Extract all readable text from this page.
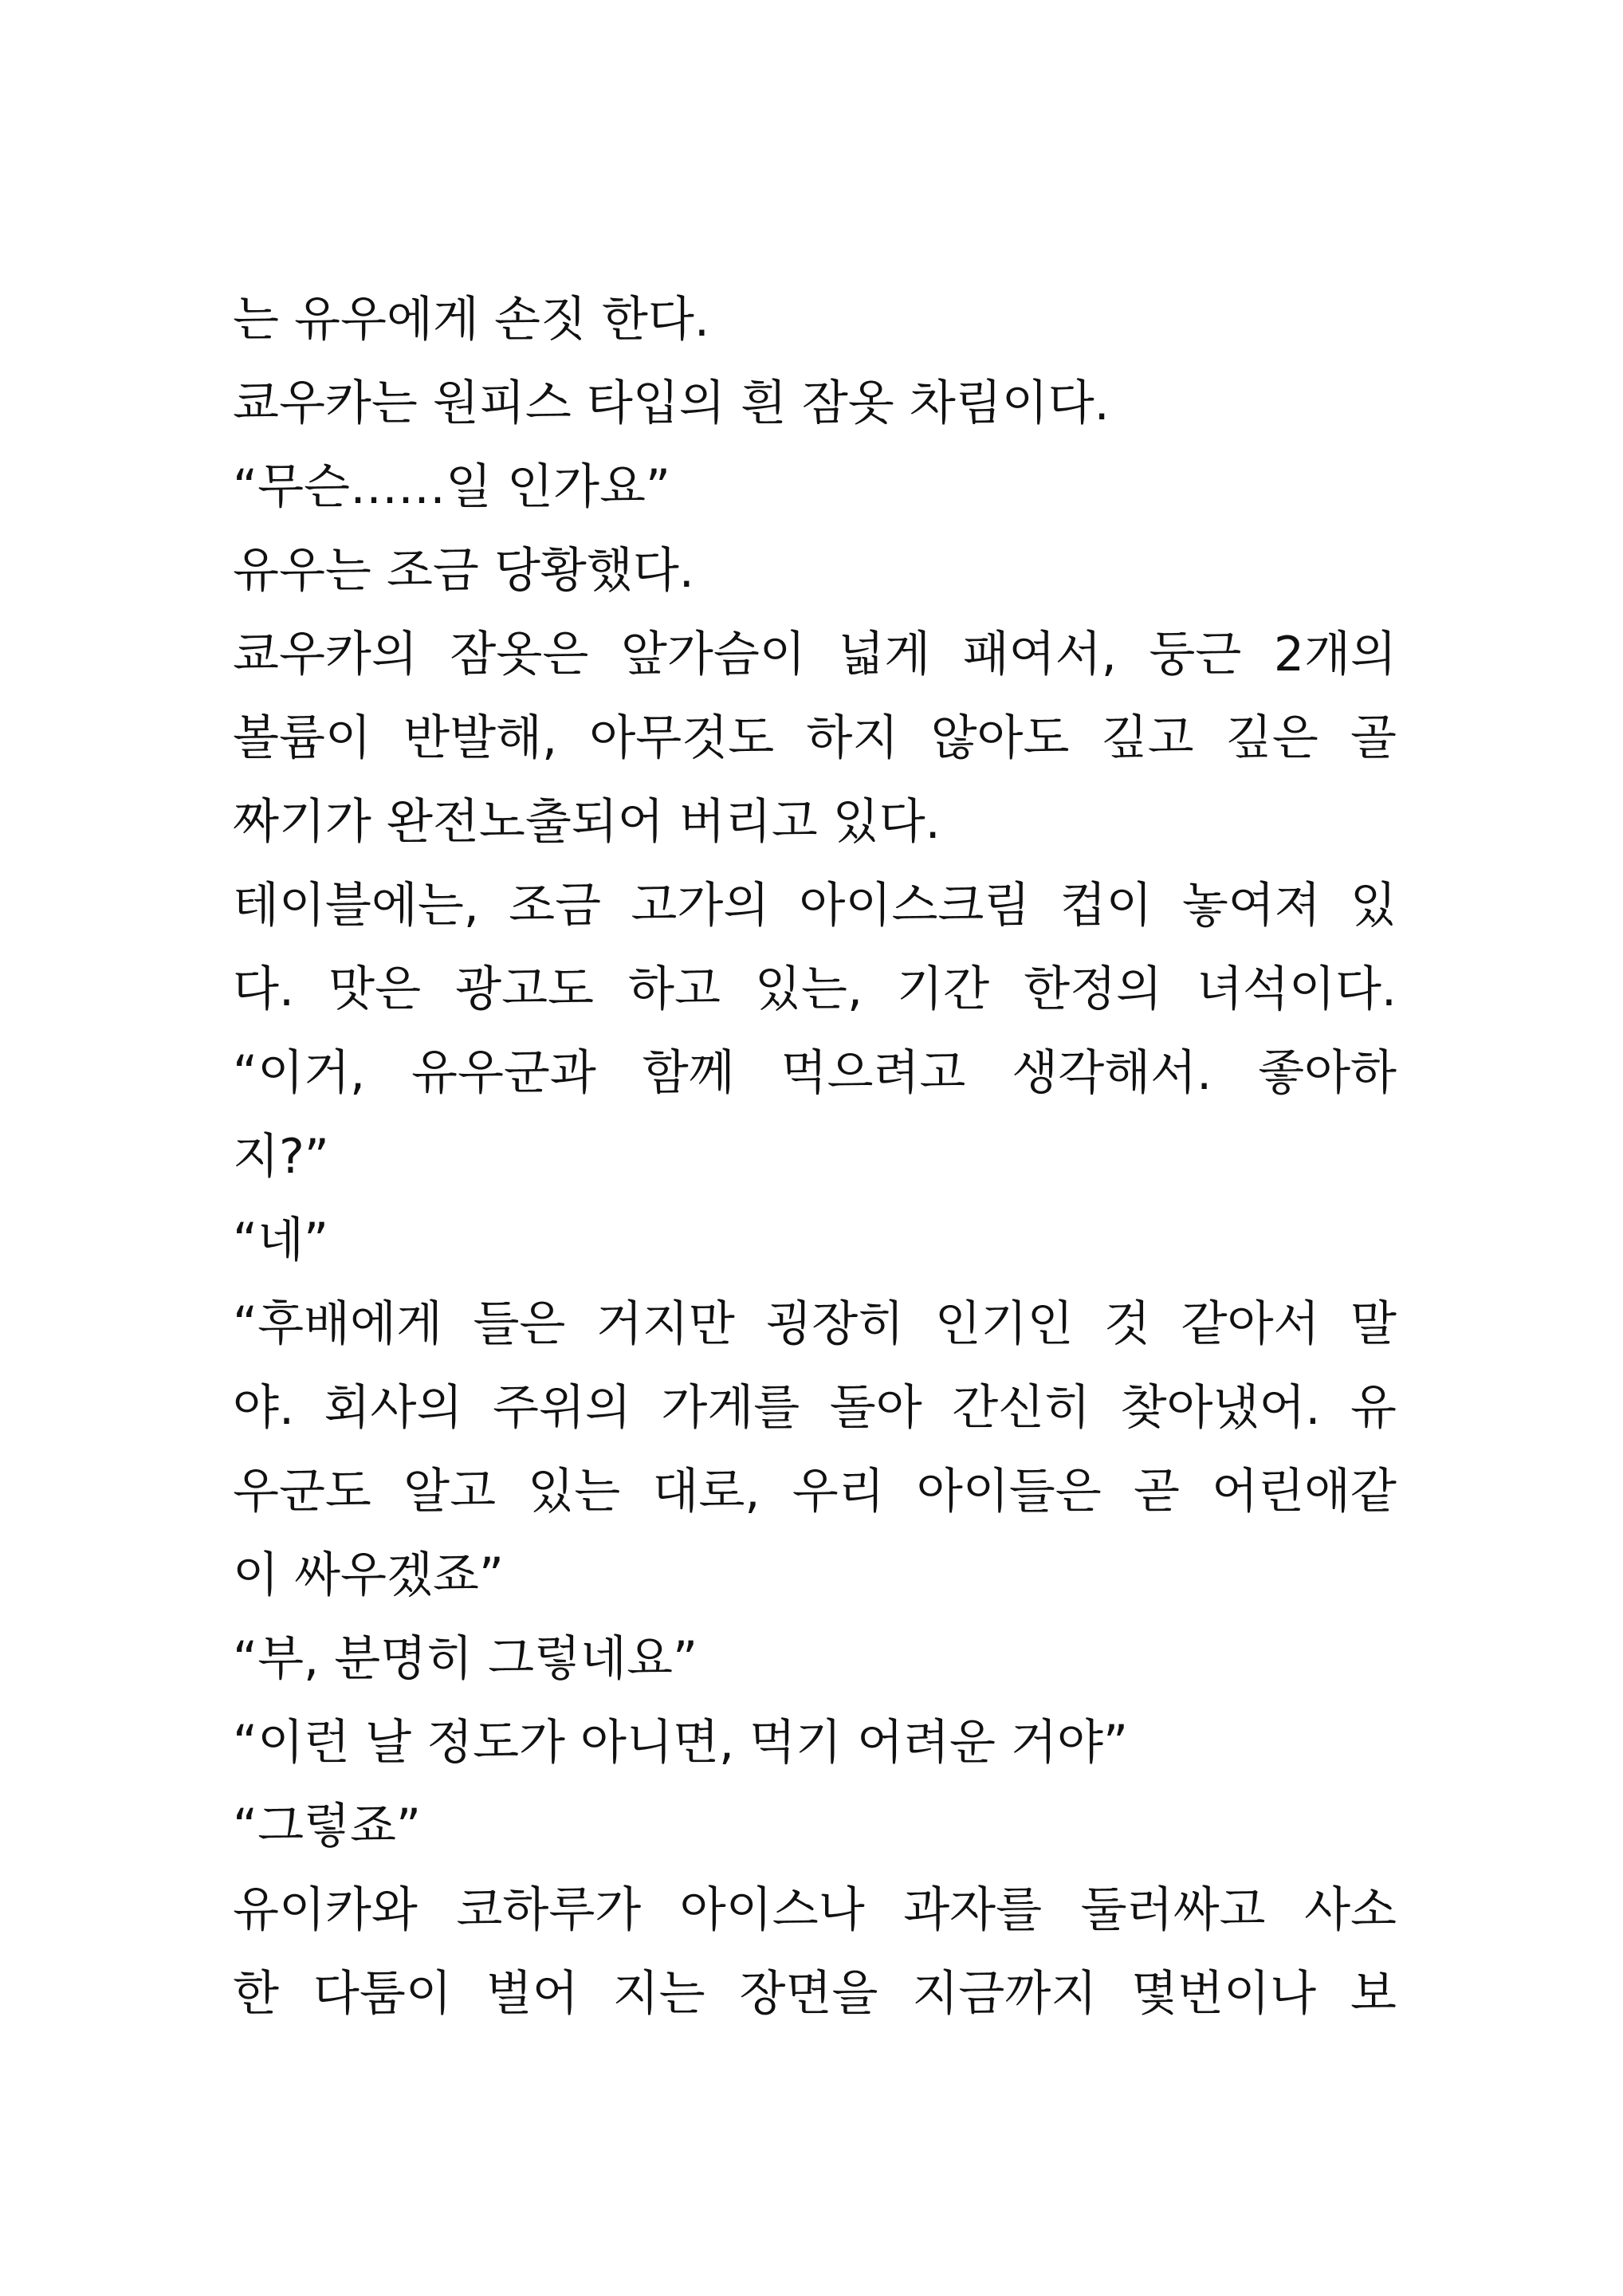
는 유우에게 손짓 한다.
쿄우카는 원피스 타입의 흰 잠옷 차림이다.
“무슨……일 인가요”
유우는 조금 당황했다.
쿄우카의 잠옷은 앞가슴이 넓게 패여서, 둥근 2개의
볼륨이 반발해, 아무것도 하지 않아도 깊고 깊은 골
짜기가 완전노출되어 버리고 있다.
테이블에는, 조금 고가의 아이스크림 컵이 놓여져 있
다. 맛은 광고도 하고 있는, 기간 한정의 녀석이다.
“이거, 유우군과 함께 먹으려고 생각해서. 좋아하
지?”
“네”
“후배에게 들은 거지만 굉장히 인기인 것 같아서 말
야. 회사의 주위의 가게를 돌아 간신히 찾아냈어. 유
우군도 알고 있는 대로, 우리 아이들은 곧 어린애같
이 싸우겠죠”
“부, 분명히 그렇네요”
“이런 날 정도가 아니면, 먹기 어려운 거야”
“그렇죠”
유이카와 코하루가 아이스나 과자를 둘러싸고 사소
한 다툼이 벌어 지는 장면을 지금까지 몇번이나 보
